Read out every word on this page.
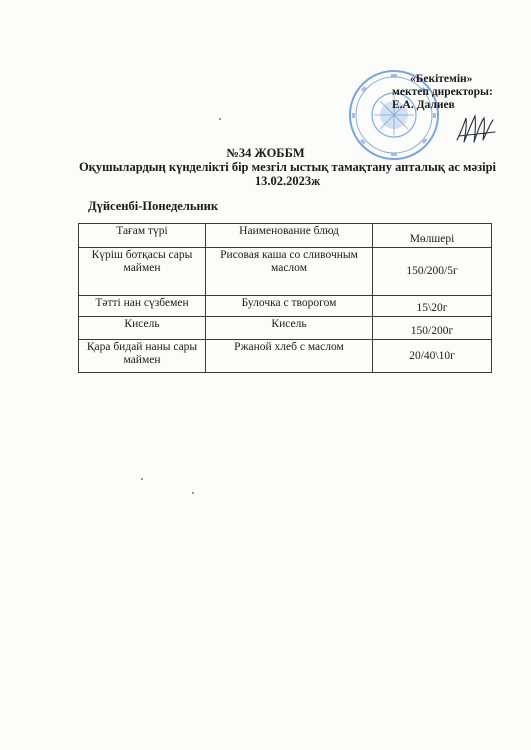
«Бекітемін»
мектеп директоры:
Е.А. Далиев
№34 ЖОББМ
Оқушылардың күнделікті бір мезгіл ыстық тамақтану апталық ас мәзірі
13.02.2023ж
Дүйсенбі-Понедельник
Тағам түрі	Наименование блюд	Мөлшері
Күріш ботқасы сары маймен	Рисовая каша со сливочным маслом	150/200/5г
Тәтті нан сүзбемен	Булочка с творогом	15\20г
Кисель	Кисель	150/200г
Қара бидай наны сары маймен	Ржаной хлеб с маслом	20/40\10г
